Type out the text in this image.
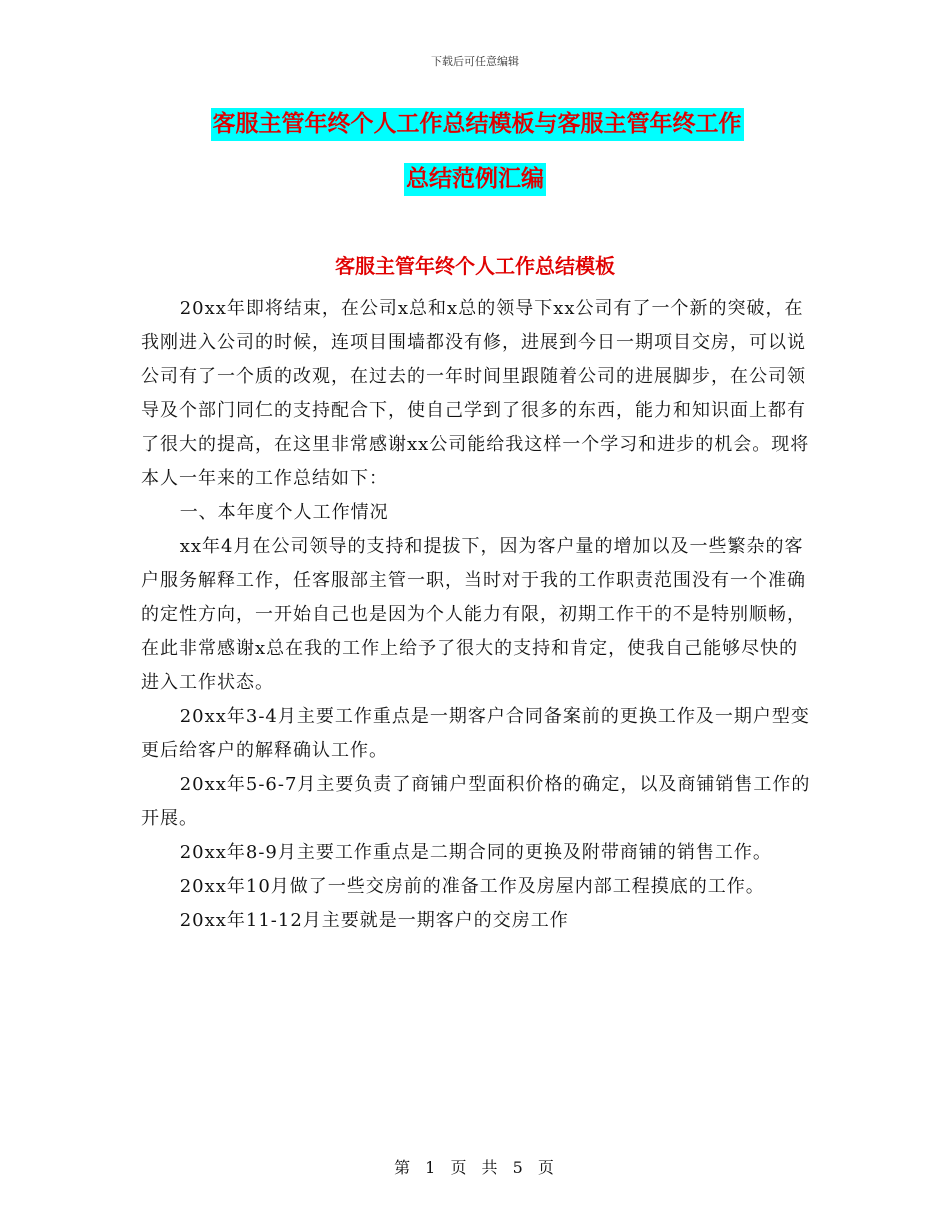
下载后可任意编辑
客服主管年终个人工作总结模板与客服主管年终工作
总结范例汇编
客服主管年终个人工作总结模板

20xx年即将结束，在公司x总和x总的领导下xx公司有了一个新的突破，在我刚进入公司的时候，连项目围墙都没有修，进展到今日一期项目交房，可以说公司有了一个质的改观，在过去的一年时间里跟随着公司的进展脚步，在公司领导及个部门同仁的支持配合下，使自己学到了很多的东西，能力和知识面上都有了很大的提高，在这里非常感谢xx公司能给我这样一个学习和进步的机会。现将本人一年来的工作总结如下：

一、本年度个人工作情况

xx年4月在公司领导的支持和提拔下，因为客户量的增加以及一些繁杂的客户服务解释工作，任客服部主管一职，当时对于我的工作职责范围没有一个准确的定性方向，一开始自己也是因为个人能力有限，初期工作干的不是特别顺畅，在此非常感谢x总在我的工作上给予了很大的支持和肯定，使我自己能够尽快的进入工作状态。

20xx年3-4月主要工作重点是一期客户合同备案前的更换工作及一期户型变更后给客户的解释确认工作。

20xx年5-6-7月主要负责了商铺户型面积价格的确定，以及商铺销售工作的开展。

20xx年8-9月主要工作重点是二期合同的更换及附带商铺的销售工作。

20xx年10月做了一些交房前的准备工作及房屋内部工程摸底的工作。

20xx年11-12月主要就是一期客户的交房工作

第 1 页 共 5 页
